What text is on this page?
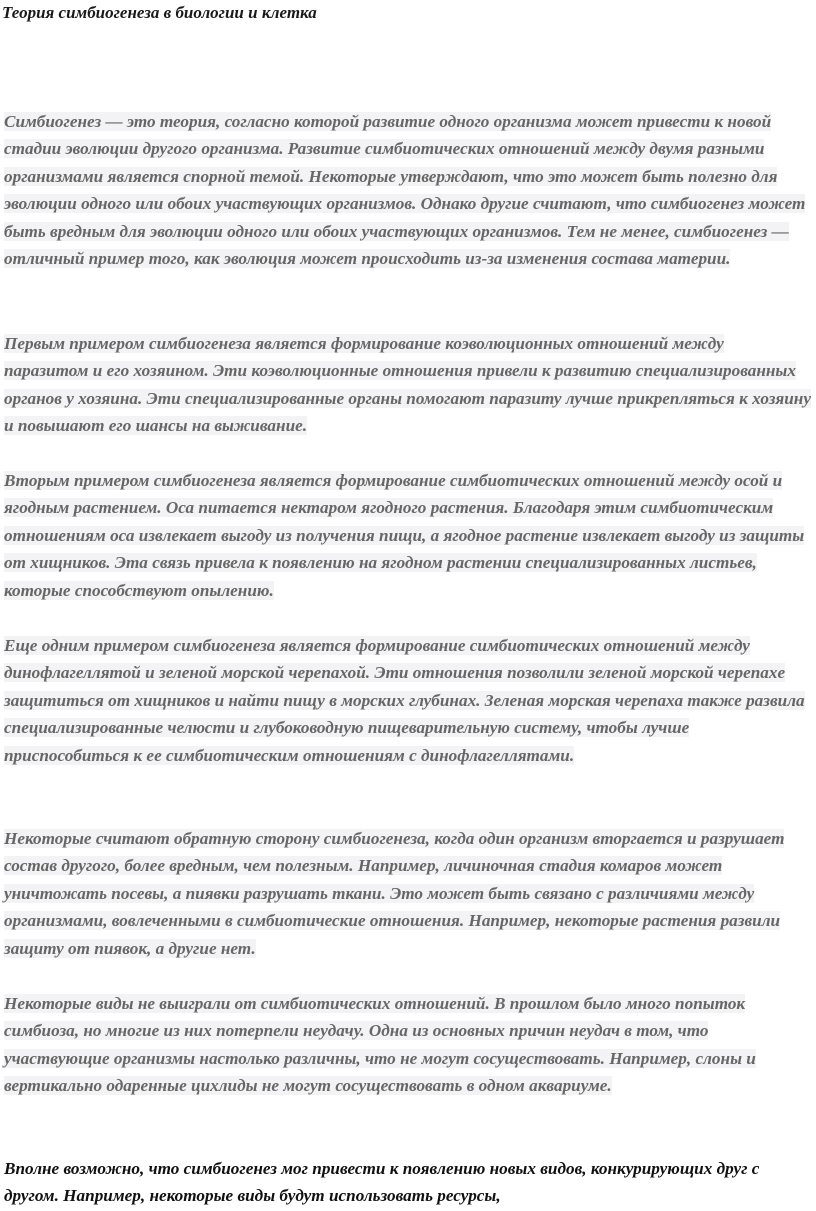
Теория симбиогенеза в биологии и клетка

Симбиогенез — это теория, согласно которой развитие одного организма может привести к новой стадии эволюции другого организма. Развитие симбиотических отношений между двумя разными организмами является спорной темой. Некоторые утверждают, что это может быть полезно для эволюции одного или обоих участвующих организмов. Однако другие считают, что симбиогенез может быть вредным для эволюции одного или обоих участвующих организмов. Тем не менее, симбиогенез — отличный пример того, как эволюция может происходить из-за изменения состава материи.

Первым примером симбиогенеза является формирование коэволюционных отношений между паразитом и его хозяином. Эти коэволюционные отношения привели к развитию специализированных органов у хозяина. Эти специализированные органы помогают паразиту лучше прикрепляться к хозяину и повышают его шансы на выживание.

Вторым примером симбиогенеза является формирование симбиотических отношений между осой и ягодным растением. Оса питается нектаром ягодного растения. Благодаря этим симбиотическим отношениям оса извлекает выгоду из получения пищи, а ягодное растение извлекает выгоду из защиты от хищников. Эта связь привела к появлению на ягодном растении специализированных листьев, которые способствуют опылению.

Еще одним примером симбиогенеза является формирование симбиотических отношений между динофлагеллятой и зеленой морской черепахой. Эти отношения позволили зеленой морской черепахе защититься от хищников и найти пищу в морских глубинах. Зеленая морская черепаха также развила специализированные челюсти и глубоководную пищеварительную систему, чтобы лучше приспособиться к ее симбиотическим отношениям с динофлагеллятами.

Некоторые считают обратную сторону симбиогенеза, когда один организм вторгается и разрушает состав другого, более вредным, чем полезным. Например, личиночная стадия комаров может уничтожать посевы, а пиявки разрушать ткани. Это может быть связано с различиями между организмами, вовлеченными в симбиотические отношения. Например, некоторые растения развили защиту от пиявок, а другие нет.

Некоторые виды не выиграли от симбиотических отношений. В прошлом было много попыток симбиоза, но многие из них потерпели неудачу. Одна из основных причин неудач в том, что участвующие организмы настолько различны, что не могут сосуществовать. Например, слоны и вертикально одаренные цихлиды не могут сосуществовать в одном аквариуме.

Вполне возможно, что симбиогенез мог привести к появлению новых видов, конкурирующих друг с другом. Например, некоторые виды будут использовать ресурсы,
